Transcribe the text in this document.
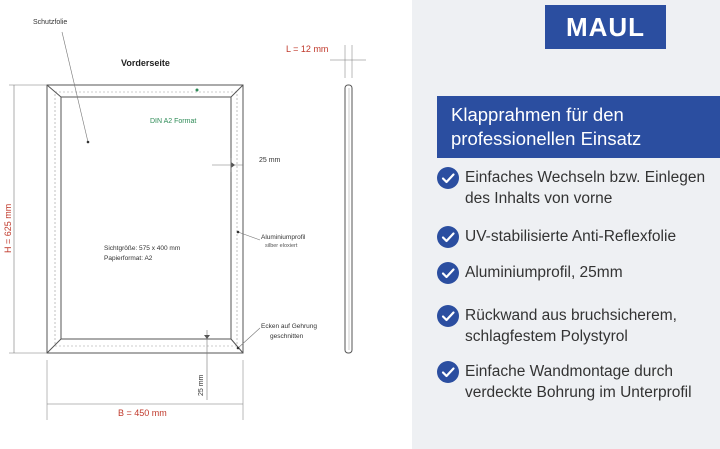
Schutzfolie
Vorderseite
L = 12 mm
DIN A2 Format
25 mm
H = 625 mm	Sichtgröße: 575 x 400 mm
Papierformat: A2
Aluminiumprofil
silber eloxiert
Ecken auf Gehrung
geschnitten
25 mm
B = 450 mm
MAUL
Klapprahmen für den
professionellen Einsatz
Einfaches Wechseln bzw. Einlegen
des Inhalts von vorne
UV-stabilisierte Anti-Reflexfolie
Aluminiumprofil, 25mm
Rückwand aus bruchsicherem,
schlagfestem Polystyrol
Einfache Wandmontage durch
verdeckte Bohrung im Unterprofil
